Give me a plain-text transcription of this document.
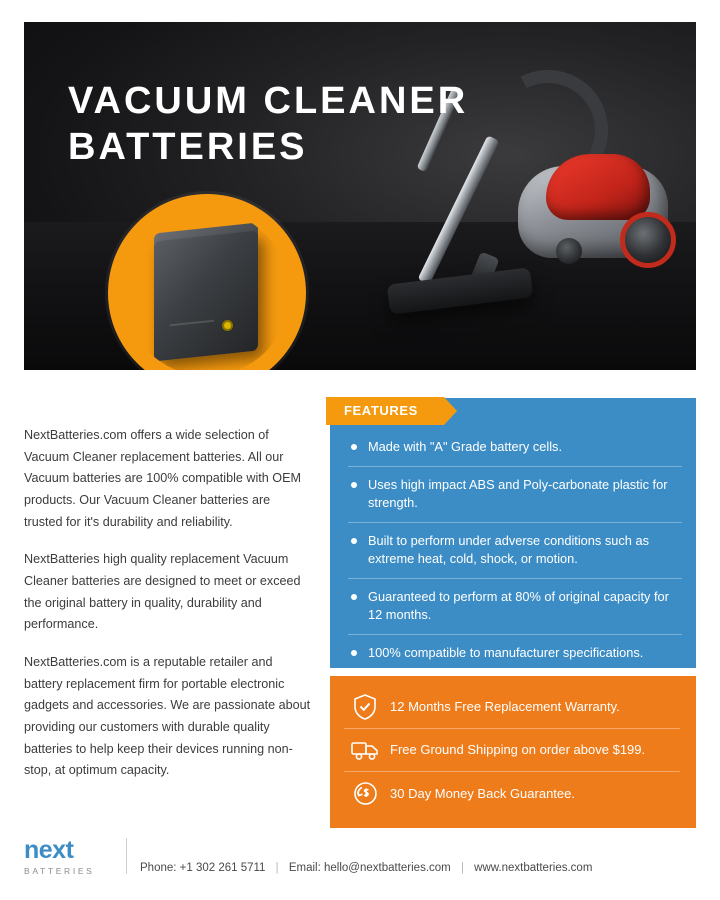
VACUUM CLEANER
BATTERIES

NextBatteries.com offers a wide selection of Vacuum Cleaner replacement batteries. All our Vacuum batteries are 100% compatible with OEM products. Our Vacuum Cleaner batteries are trusted for it's durability and reliability.

NextBatteries high quality replacement Vacuum Cleaner batteries are designed to meet or exceed the original battery in quality, durability and performance.

NextBatteries.com is a reputable retailer and battery replacement firm for portable electronic gadgets and accessories. We are passionate about providing our customers with durable quality batteries to help keep their devices running non-stop, at optimum capacity.

FEATURES
Made with "A" Grade battery cells.
Uses high impact ABS and Poly-carbonate plastic for strength.
Built to perform under adverse conditions such as extreme heat, cold, shock, or motion.
Guaranteed to perform at 80% of original capacity for 12 months.
100% compatible to manufacturer specifications.
12 Months Free Replacement Warranty.
Free Ground Shipping on order above $199.
30 Day Money Back Guarantee.
next
BATTERIES	Phone: +1 302 261 5711 | Email: hello@nextbatteries.com | www.nextbatteries.com
